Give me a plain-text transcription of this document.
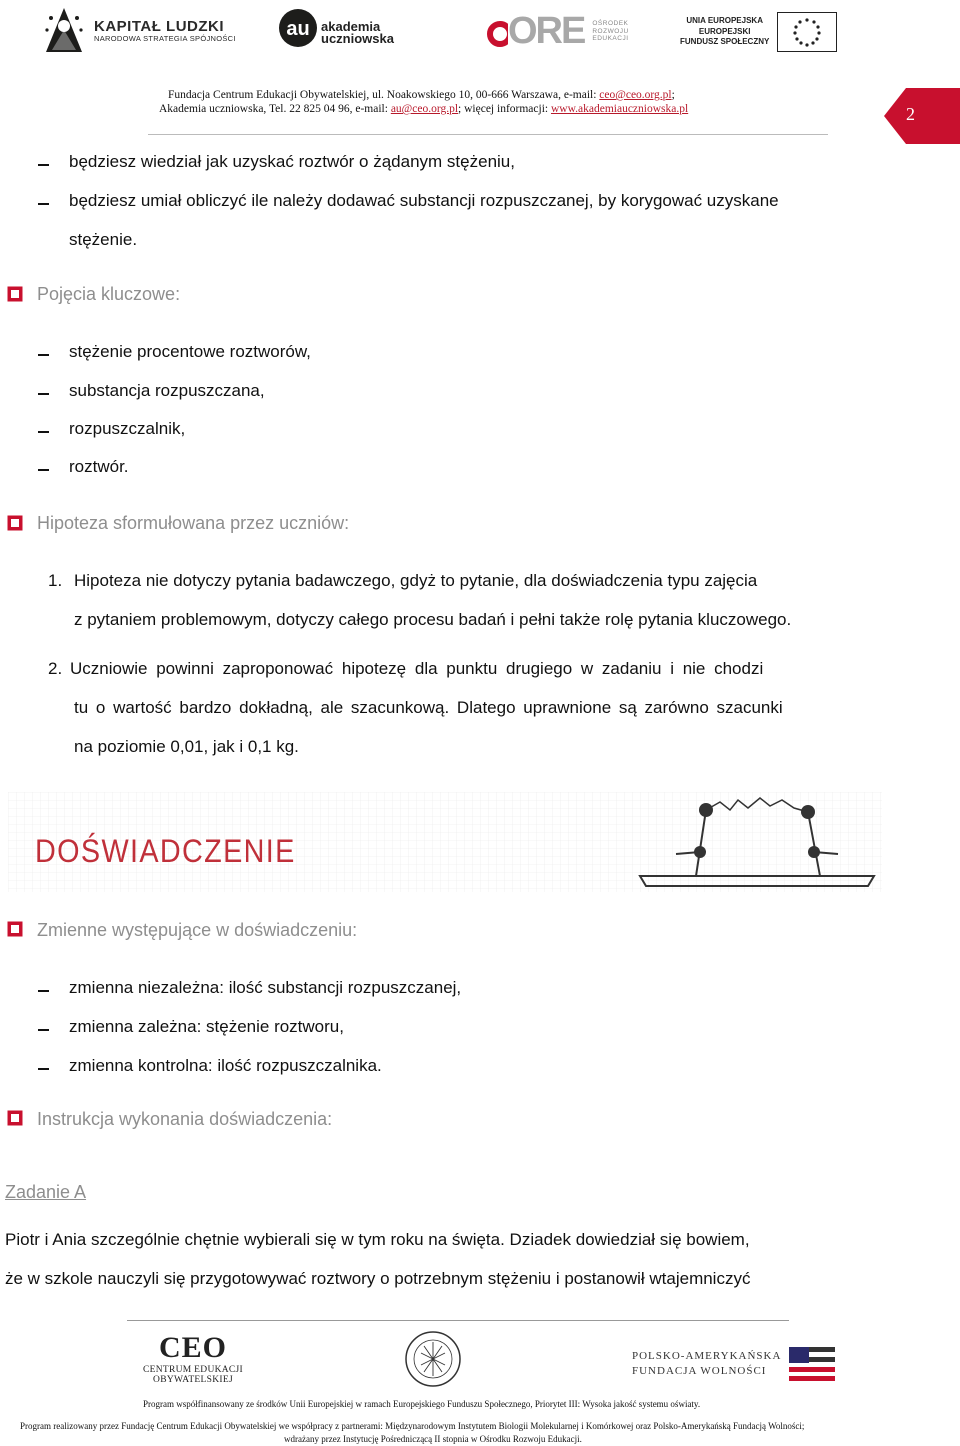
KAPITAŁ LUDZKI
NARODOWA STRATEGIA SPÓJNOŚCI	au akademia
uczniowska	ORE OŚRODEK
ROZWOJU
EDUKACJI
UNIA EUROPEJSKA
EUROPEJSKI
FUNDUSZ SPOŁECZNY
Fundacja Centrum Edukacji Obywatelskiej, ul. Noakowskiego 10, 00-666 Warszawa, e-mail: ceo@ceo.org.pl;
Akademia uczniowska, Tel. 22 825 04 96, e-mail: au@ceo.org.pl; więcej informacji: www.akademiauczniowska.pl	2
będziesz wiedział jak uzyskać roztwór o żądanym stężeniu,
będziesz umiał obliczyć ile należy dodawać substancji rozpuszczanej, by korygować uzyskane
stężenie.
Pojęcia kluczowe:
stężenie procentowe roztworów,
substancja rozpuszczana,
rozpuszczalnik,
roztwór.
Hipoteza sformułowana przez uczniów:
1. Hipoteza nie dotyczy pytania badawczego, gdyż to pytanie, dla doświadczenia typu zajęcia
z pytaniem problemowym, dotyczy całego procesu badań i pełni także rolę pytania kluczowego.
2. Uczniowie powinni zaproponować hipotezę dla punktu drugiego w zadaniu i nie chodzi
tu o wartość bardzo dokładną, ale szacunkową. Dlatego uprawnione są zarówno szacunki
na poziomie 0,01, jak i 0,1 kg.
DOŚWIADCZENIE
Zmienne występujące w doświadczeniu:
zmienna niezależna: ilość substancji rozpuszczanej,
zmienna zależna: stężenie roztworu,
zmienna kontrolna: ilość rozpuszczalnika.
Instrukcja wykonania doświadczenia:
Zadanie A
Piotr i Ania szczególnie chętnie wybierali się w tym roku na święta. Dziadek dowiedział się bowiem,
że w szkole nauczyli się przygotowywać roztwory o potrzebnym stężeniu i postanowił wtajemniczyć
CEO
CENTRUM EDUKACJI OBYWATELSKIEJ
POLSKO-AMERYKAŃSKA
FUNDACJA WOLNOŚCI
Program współfinansowany ze środków Unii Europejskiej w ramach Europejskiego Funduszu Społecznego, Priorytet III: Wysoka jakość systemu oświaty.
Program realizowany przez Fundację Centrum Edukacji Obywatelskiej we współpracy z partnerami: Międzynarodowym Instytutem Biologii Molekularnej i Komórkowej oraz Polsko-Amerykańską Fundacją Wolności;
wdrażany przez Instytucję Pośredniczącą II stopnia w Ośrodku Rozwoju Edukacji.
